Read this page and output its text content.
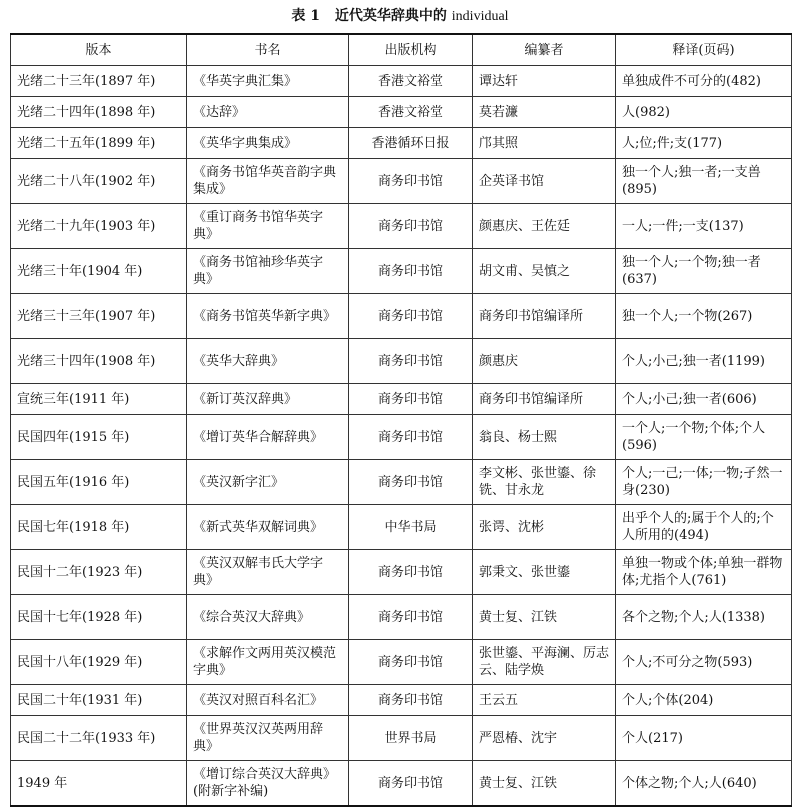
表 1 近代英华辞典中的 individual
版本	书名	出版机构	编纂者	释译(页码)
光绪二十三年(1897 年)	《华英字典汇集》	香港文裕堂	谭达轩	单独成件不可分的(482)
光绪二十四年(1898 年)	《达辞》	香港文裕堂	莫若濂	人(982)
光绪二十五年(1899 年)	《英华字典集成》	香港循环日报	邝其照	人;位;件;支(177)
光绪二十八年(1902 年)	《商务书馆华英音韵字典集成》	商务印书馆	企英译书馆	独一个人;独一者;一支兽(895)
光绪二十九年(1903 年)	《重订商务书馆华英字典》	商务印书馆	颜惠庆、王佐廷	一人;一件;一支(137)
光绪三十年(1904 年)	《商务书馆袖珍华英字典》	商务印书馆	胡文甫、吴慎之	独一个人;一个物;独一者(637)
光绪三十三年(1907 年)	《商务书馆英华新字典》	商务印书馆	商务印书馆编译所	独一个人;一个物(267)
光绪三十四年(1908 年)	《英华大辞典》	商务印书馆	颜惠庆	个人;小己;独一者(1199)
宣统三年(1911 年)	《新订英汉辞典》	商务印书馆	商务印书馆编译所	个人;小己;独一者(606)
民国四年(1915 年)	《增订英华合解辞典》	商务印书馆	翁良、杨士熙	一个人;一个物;个体;个人(596)
民国五年(1916 年)	《英汉新字汇》	商务印书馆	李文彬、张世鎏、徐铣、甘永龙	个人;一己;一体;一物;孑然一身(230)
民国七年(1918 年)	《新式英华双解词典》	中华书局	张谔、沈彬	出乎个人的;属于个人的;个人所用的(494)
民国十二年(1923 年)	《英汉双解韦氏大学字典》	商务印书馆	郭秉文、张世鎏	单独一物或个体;单独一群物体;尤指个人(761)
民国十七年(1928 年)	《综合英汉大辞典》	商务印书馆	黄士复、江铁	各个之物;个人;人(1338)
民国十八年(1929 年)	《求解作文两用英汉模范字典》	商务印书馆	张世鎏、平海澜、厉志云、陆学焕	个人;不可分之物(593)
民国二十年(1931 年)	《英汉对照百科名汇》	商务印书馆	王云五	个人;个体(204)
民国二十二年(1933 年)	《世界英汉汉英两用辞典》	世界书局	严恩椿、沈宇	个人(217)
1949 年	《增订综合英汉大辞典》(附新字补编)	商务印书馆	黄士复、江铁	个体之物;个人;人(640)
